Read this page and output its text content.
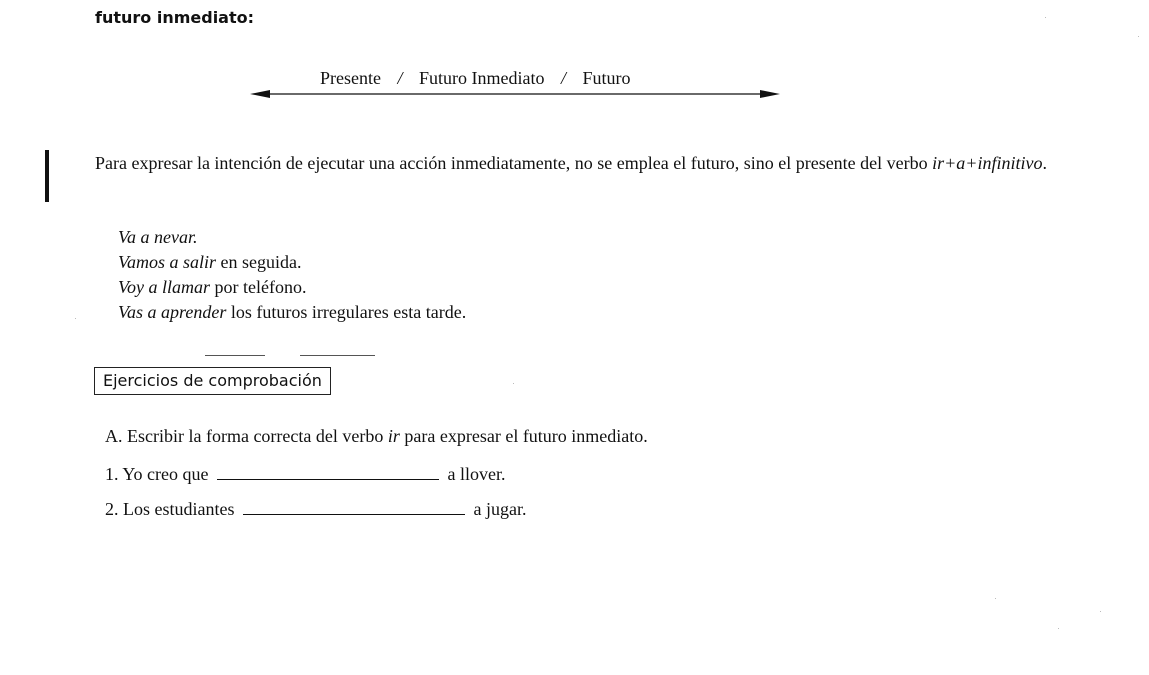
futuro inmediato:
Presente / Futuro Inmediato / Futuro
Para expresar la intención de ejecutar una acción inmediatamente, no se emplea el futuro, sino el presente del verbo ir+a+infinitivo.
Va a nevar.
Vamos a salir en seguida.
Voy a llamar por teléfono.
Vas a aprender los futuros irregulares esta tarde.
Ejercicios de comprobación
A. Escribir la forma correcta del verbo ir para expresar el futuro inmediato.
1. Yo creo que	a llover.
2. Los estudiantes	a jugar.
